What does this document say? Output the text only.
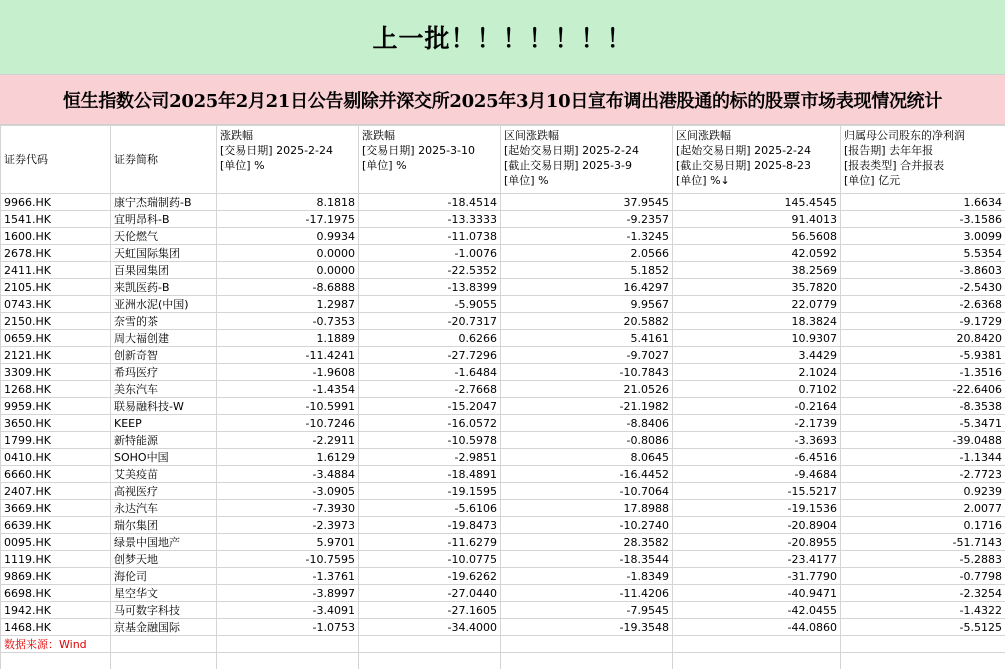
上一批！！！！！！！
恒生指数公司2025年2月21日公告剔除并深交所2025年3月10日宣布调出港股通的标的股票市场表现情况统计
证券代码	证券简称	涨跌幅
[交易日期] 2025-2-24
[单位] %	涨跌幅
[交易日期] 2025-3-10
[单位] %	区间涨跌幅
[起始交易日期] 2025-2-24
[截止交易日期] 2025-3-9
[单位] %	区间涨跌幅
[起始交易日期] 2025-2-24
[截止交易日期] 2025-8-23
[单位] %↓	归属母公司股东的净利润
[报告期] 去年年报
[报表类型] 合并报表
[单位] 亿元

9966.HK	康宁杰瑞制药-B	8.1818	-18.4514	37.9545	145.4545	1.6634
1541.HK	宜明昂科-B	-17.1975	-13.3333	-9.2357	91.4013	-3.1586
1600.HK	天伦燃气	0.9934	-11.0738	-1.3245	56.5608	3.0099
2678.HK	天虹国际集团	0.0000	-1.0076	2.0566	42.0592	5.5354
2411.HK	百果园集团	0.0000	-22.5352	5.1852	38.2569	-3.8603
2105.HK	来凯医药-B	-8.6888	-13.8399	16.4297	35.7820	-2.5430
0743.HK	亚洲水泥(中国)	1.2987	-5.9055	9.9567	22.0779	-2.6368
2150.HK	奈雪的茶	-0.7353	-20.7317	20.5882	18.3824	-9.1729
0659.HK	周大福创建	1.1889	0.6266	5.4161	10.9307	20.8420
2121.HK	创新奇智	-11.4241	-27.7296	-9.7027	3.4429	-5.9381
3309.HK	希玛医疗	-1.9608	-1.6484	-10.7843	2.1024	-1.3516
1268.HK	美东汽车	-1.4354	-2.7668	21.0526	0.7102	-22.6406
9959.HK	联易融科技-W	-10.5991	-15.2047	-21.1982	-0.2164	-8.3538
3650.HK	KEEP	-10.7246	-16.0572	-8.8406	-2.1739	-5.3471
1799.HK	新特能源	-2.2911	-10.5978	-0.8086	-3.3693	-39.0488
0410.HK	SOHO中国	1.6129	-2.9851	8.0645	-6.4516	-1.1344
6660.HK	艾美疫苗	-3.4884	-18.4891	-16.4452	-9.4684	-2.7723
2407.HK	高视医疗	-3.0905	-19.1595	-10.7064	-15.5217	0.9239
3669.HK	永达汽车	-7.3930	-5.6106	17.8988	-19.1536	2.0077
6639.HK	瑞尔集团	-2.3973	-19.8473	-10.2740	-20.8904	0.1716
0095.HK	绿景中国地产	5.9701	-11.6279	28.3582	-20.8955	-51.7143
1119.HK	创梦天地	-10.7595	-10.0775	-18.3544	-23.4177	-5.2883
9869.HK	海伦司	-1.3761	-19.6262	-1.8349	-31.7790	-0.7798
6698.HK	星空华文	-3.8997	-27.0440	-11.4206	-40.9471	-2.3254
1942.HK	马可数字科技	-3.4091	-27.1605	-7.9545	-42.0455	-1.4322
1468.HK	京基金融国际	-1.0753	-34.4000	-19.3548	-44.0860	-5.5125
数据来源：Wind						
